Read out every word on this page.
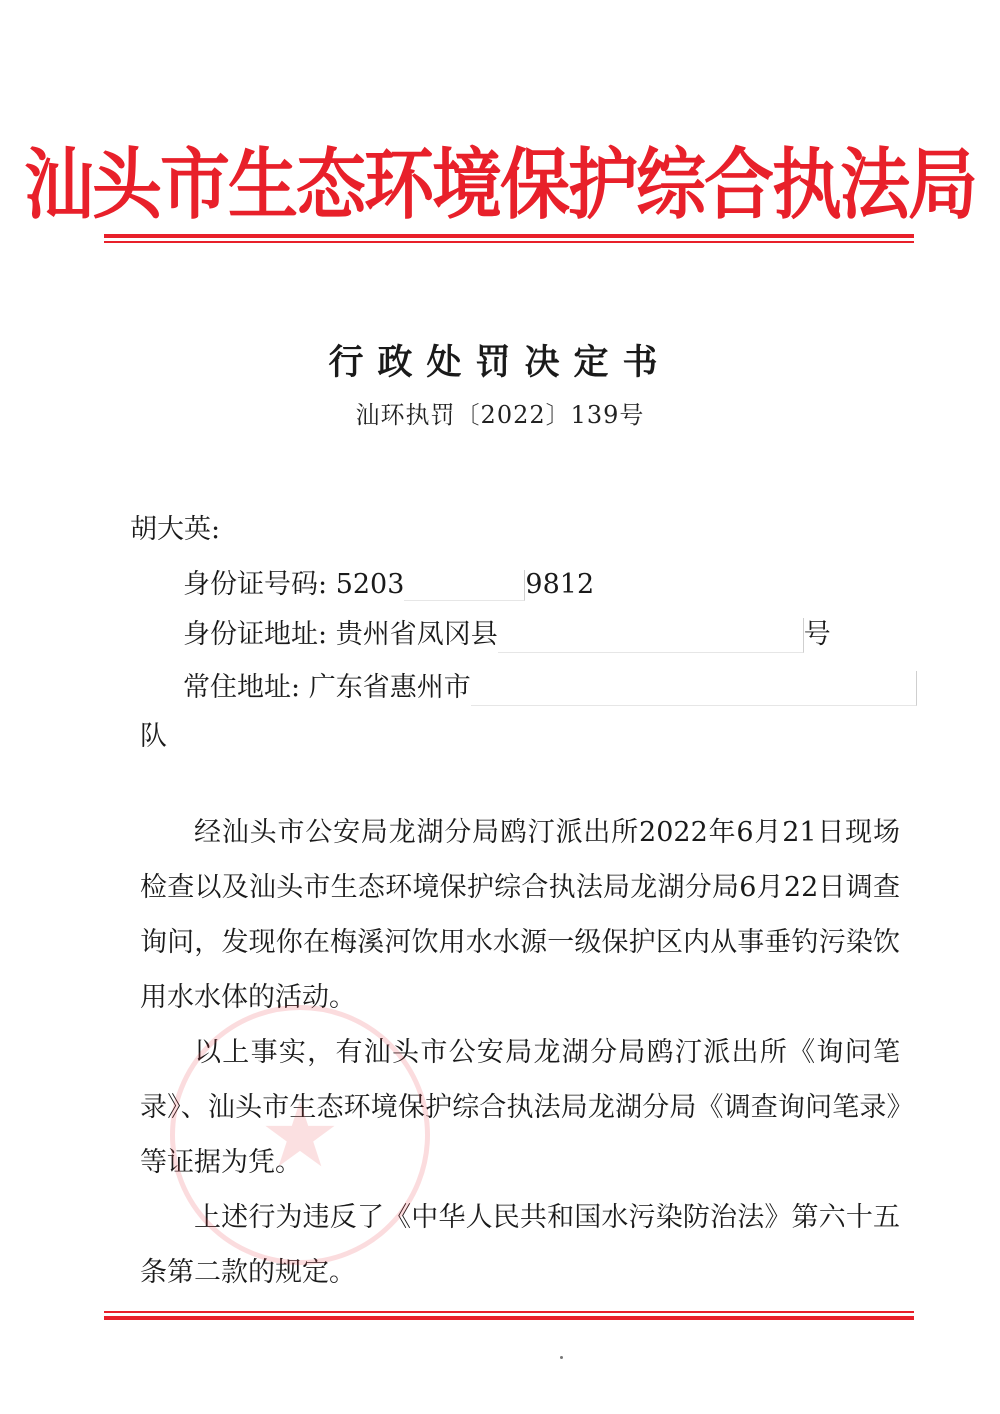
汕头市生态环境保护综合执法局
行政处罚决定书
汕环执罚〔2022〕139号
胡大英:
身份证号码: 5203	9812
身份证地址: 贵州省凤冈县	号
常住地址: 广东省惠州市
队
经汕头市公安局龙湖分局鸥汀派出所2022年6月21日现场检查以及汕头市生态环境保护综合执法局龙湖分局6月22日调查询问，发现你在梅溪河饮用水水源一级保护区内从事垂钓污染饮用水水体的活动。
以上事实，有汕头市公安局龙湖分局鸥汀派出所《询问笔录》、汕头市生态环境保护综合执法局龙湖分局《调查询问笔录》等证据为凭。
上述行为违反了《中华人民共和国水污染防治法》第六十五条第二款的规定。
★
